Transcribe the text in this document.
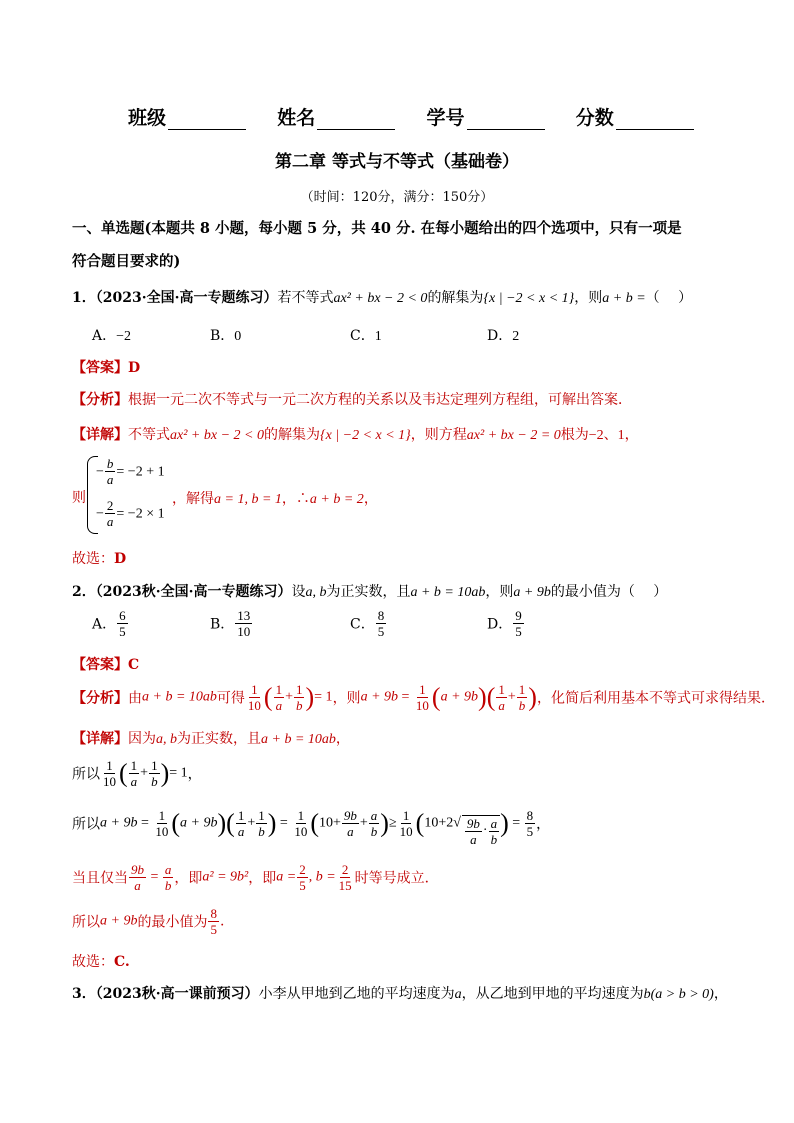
班级	姓名	学号	分数
第二章 等式与不等式（基础卷）
（时间：120分，满分：150分）
一、单选题(本题共 8 小题，每小题 5 分，共 40 分. 在每小题给出的四个选项中，只有一项是
符合题目要求的)
1．（2023·全国·高一专题练习）若不等式ax² + bx − 2 < 0的解集为{x | −2 < x < 1}，则a + b =（　 ）
A．−2	B．0	C．1	D．2
【答案】D
【分析】根据一元二次不等式与一元二次方程的关系以及韦达定理列方程组，可解出答案．
【详解】不等式ax² + bx − 2 < 0的解集为{x | −2 < x < 1}，则方程ax² + bx − 2 = 0根为−2、1，
则
− $\frac{b}{a} = -2 + 1$
− $\frac{2}{a} = -2 \times 1$
，解得a = 1, b = 1，∴a + b = 2，
故选：D
2．（2023秋·全国·高一专题练习）设a, b为正实数，且a + b = 10ab，则a + 9b的最小值为（　 ）
A． $\frac{6}{5}$	B． $\frac{13}{10}$	C． $\frac{8}{5}$	D． $\frac{9}{5}$
【答案】C
【分析】由a + b = 10ab可得 $\frac{1}{10}$ ( $\frac{1}{a} + \frac{1}{b}$ )= 1，则$a + 9b = \frac{1}{10} (a + 9b)( \frac{1}{a} + \frac{1}{b}$ )，化简后利用基本不等式可求得结果．
【详解】因为a, b为正实数，且a + b = 10ab，
所以 $\frac{1}{10}$ ( $\frac{1}{a} + \frac{1}{b}$ )= 1，
所以$a + 9b = \frac{1}{10} (a + 9b)( \frac{1}{a} + \frac{1}{b}$ ) = $\frac{1}{10} (10+ \frac{9b}{a} + \frac{a}{b}$ )≥ $\frac{1}{10} (10+2√ \frac{9b}{a} \cdot \frac{a}{b}$ ) = $\frac{8}{5}$ ，
当且仅当 $\frac{9b}{a} = \frac{a}{b}$ ，即a² = 9b²，即$a = \frac{2}{5}$ , $b = \frac{2}{15}$ 时等号成立．
所以a + 9b的最小值为 $\frac{8}{5}$ .
故选：C.
3．（2023秋·高一课前预习）小李从甲地到乙地的平均速度为a，从乙地到甲地的平均速度为b(a > b > 0)，
